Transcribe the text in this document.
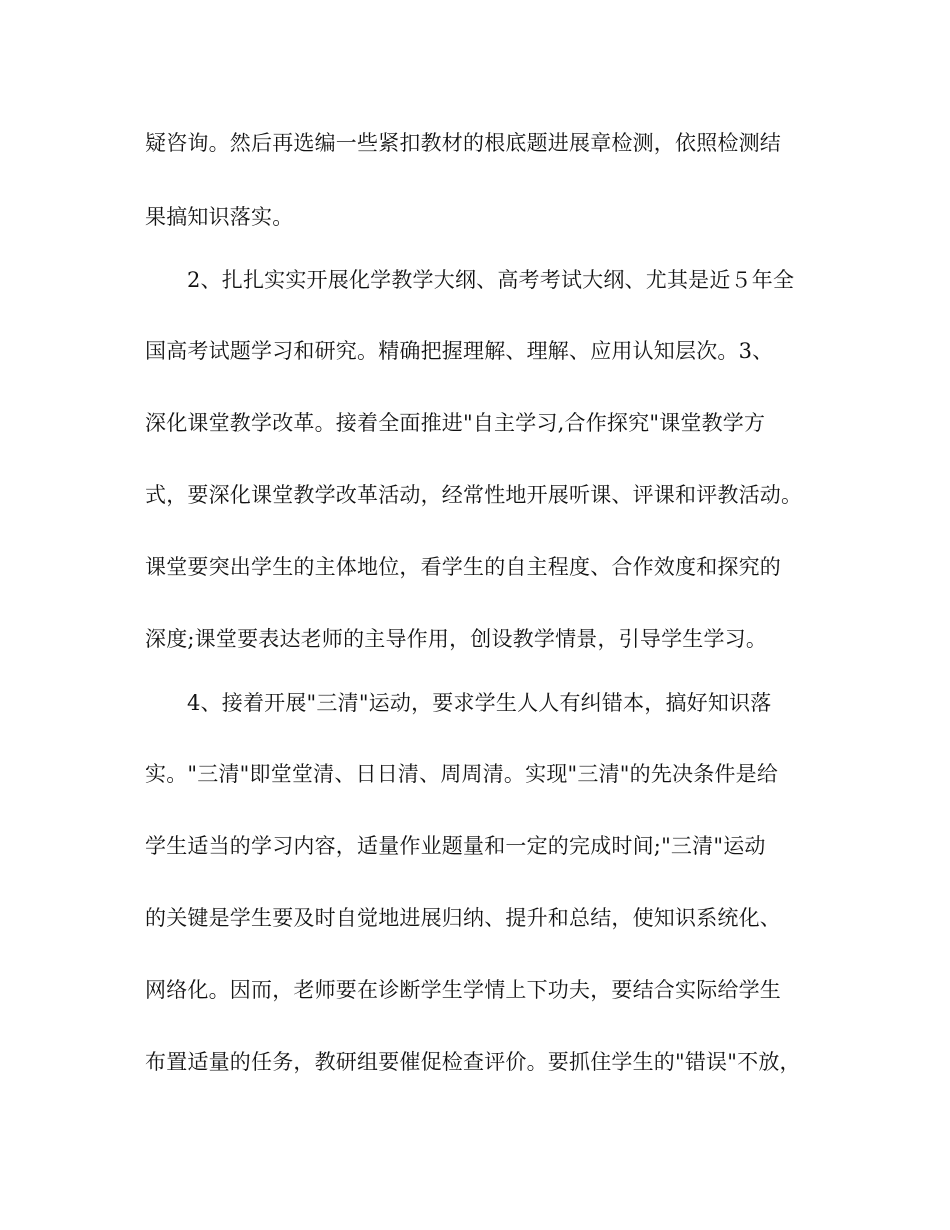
疑咨询。然后再选编一些紧扣教材的根底题进展章检测，依照检测结
果搞知识落实。
2、扎扎实实开展化学教学大纲、高考考试大纲、尤其是近５年全
国高考试题学习和研究。精确把握理解、理解、应用认知层次。3、
深化课堂教学改革。接着全面推进"自主学习,合作探究"课堂教学方
式，要深化课堂教学改革活动，经常性地开展听课、评课和评教活动。
课堂要突出学生的主体地位，看学生的自主程度、合作效度和探究的
深度;课堂要表达老师的主导作用，创设教学情景，引导学生学习。
4、接着开展"三清"运动，要求学生人人有纠错本，搞好知识落
实。"三清"即堂堂清、日日清、周周清。实现"三清"的先决条件是给
学生适当的学习内容，适量作业题量和一定的完成时间;"三清"运动
的关键是学生要及时自觉地进展归纳、提升和总结，使知识系统化、
网络化。因而，老师要在诊断学生学情上下功夫，要结合实际给学生
布置适量的任务，教研组要催促检查评价。要抓住学生的"错误"不放，
